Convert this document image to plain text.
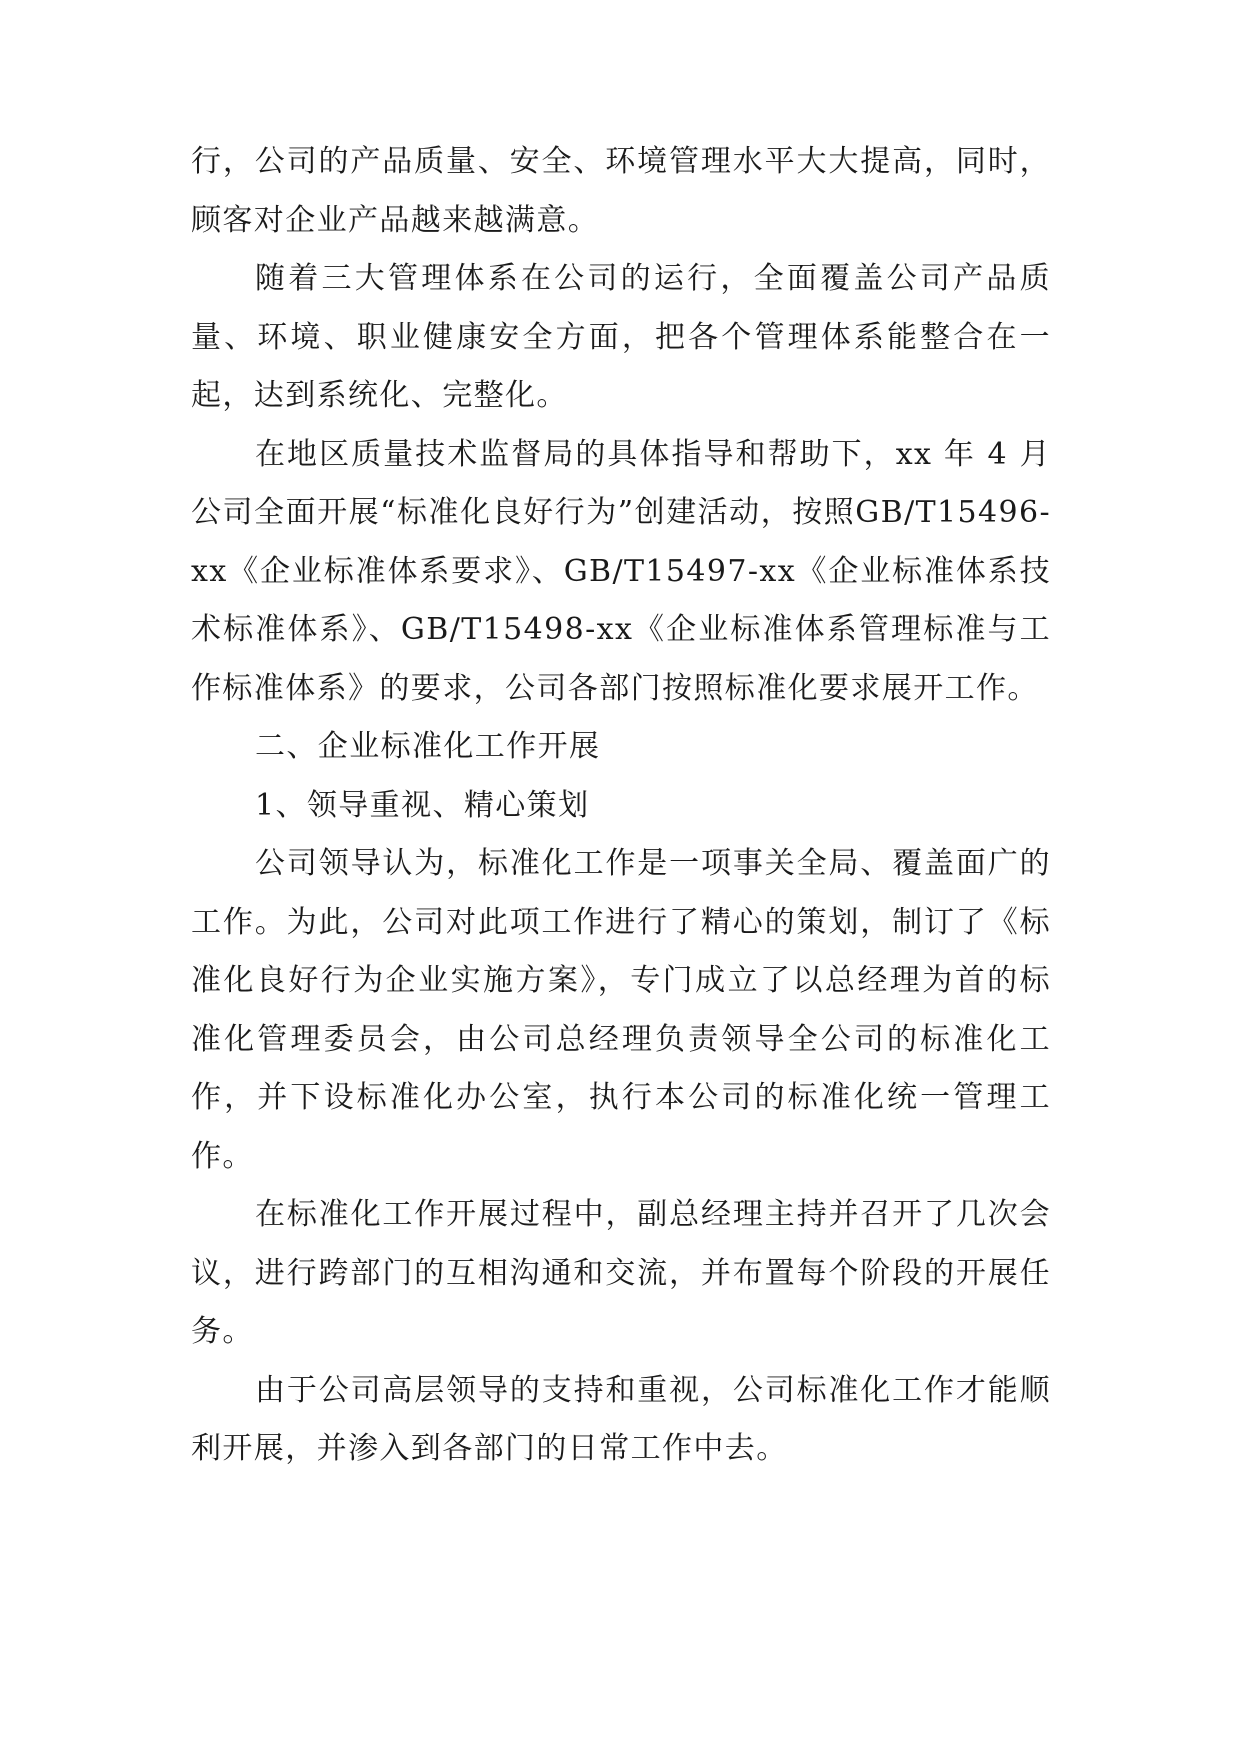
行，公司的产品质量、安全、环境管理水平大大提高，同时，顾客对企业产品越来越满意。

随着三大管理体系在公司的运行，全面覆盖公司产品质量、环境、职业健康安全方面，把各个管理体系能整合在一起，达到系统化、完整化。

在地区质量技术监督局的具体指导和帮助下，xx 年 4 月公司全面开展“标准化良好行为”创建活动，按照GB/T15496-xx《企业标准体系要求》、GB/T15497-xx《企业标准体系技术标准体系》、GB/T15498-xx《企业标准体系管理标准与工作标准体系》的要求，公司各部门按照标准化要求展开工作。

二、企业标准化工作开展

1、领导重视、精心策划

公司领导认为，标准化工作是一项事关全局、覆盖面广的工作。为此，公司对此项工作进行了精心的策划，制订了《标准化良好行为企业实施方案》，专门成立了以总经理为首的标准化管理委员会，由公司总经理负责领导全公司的标准化工作，并下设标准化办公室，执行本公司的标准化统一管理工作。

在标准化工作开展过程中，副总经理主持并召开了几次会议，进行跨部门的互相沟通和交流，并布置每个阶段的开展任务。

由于公司高层领导的支持和重视，公司标准化工作才能顺利开展，并渗入到各部门的日常工作中去。
